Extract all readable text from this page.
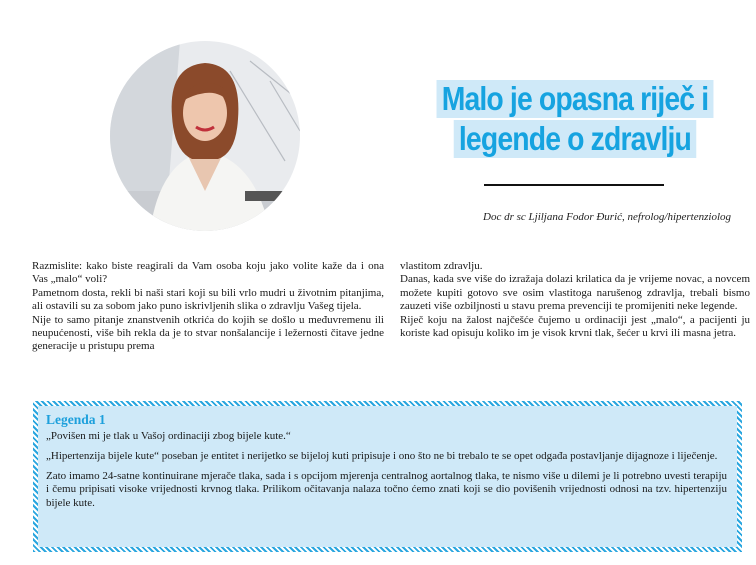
Malo je opasna riječ i
legende o zdravlju
Doc dr sc Ljiljana Fodor Đurić, nefrolog/hipertenziolog

Razmislite: kako biste reagirali da Vam osoba koju jako volite kaže da i ona Vas „malo“ voli?

Pametnom dosta, rekli bi naši stari koji su bili vrlo mudri u životnim pitanjima, ali ostavili su za sobom jako puno iskrivljenih slika o zdravlju Vašeg tijela.

Nije to samo pitanje znanstvenih otkrića do kojih se došlo u međuvremenu ili neupućenosti, više bih rekla da je to stvar nonšalancije i ležernosti čitave jedne generacije u pristupu prema

vlastitom zdravlju.

Danas, kada sve više do izražaja dolazi krilatica da je vrijeme novac, a novcem možete kupiti gotovo sve osim vlastitoga narušenog zdravlja, trebali bismo zauzeti više ozbiljnosti u stavu prema prevenciji te promijeniti neke legende.

Riječ koju na žalost najčešće čujemo u ordinaciji jest „malo“, a pacijenti ju koriste kad opisuju koliko im je visok krvni tlak, šećer u krvi ili masna jetra.

Legenda 1

„Povišen mi je tlak u Vašoj ordinaciji zbog bijele kute.“

„Hipertenzija bijele kute“ poseban je entitet i nerijetko se bijeloj kuti pripisuje i ono što ne bi trebalo te se opet odgađa postavljanje dijagnoze i liječenje.

Zato imamo 24-satne kontinuirane mjerače tlaka, sada i s opcijom mjerenja centralnog aortalnog tlaka, te nismo više u dilemi je li potrebno uvesti terapiju i čemu pripisati visoke vrijednosti krvnog tlaka. Prilikom očitavanja nalaza točno ćemo znati koji se dio povišenih vrijednosti odnosi na tzv. hipertenziju bijele kute.
